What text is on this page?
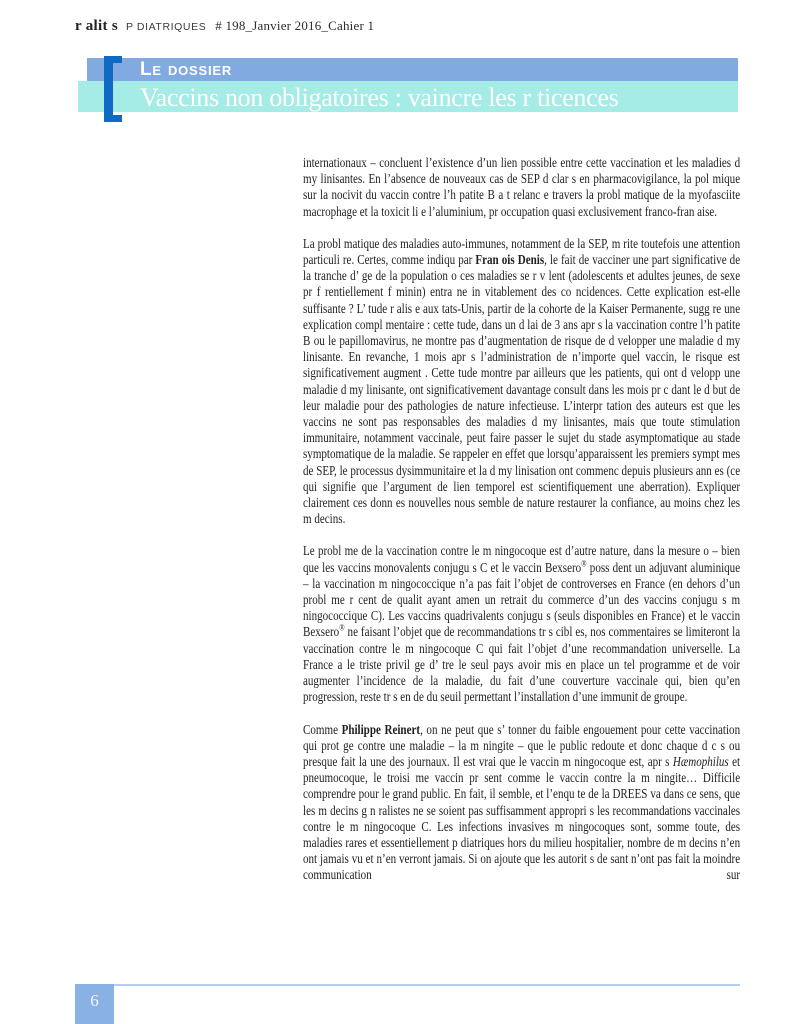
r alit s P DIATRIQUES # 198_Janvier 2016_Cahier 1
Le dossier
Vaccins non obligatoires : vaincre les r ticences

internationaux – concluent l’existence d’un lien possible entre cette vaccination et les maladies d my linisantes. En l’absence de nouveaux cas de SEP d clar s en pharmacovigilance, la pol mique sur la nocivit du vaccin contre l’h patite B a t relanc e travers la probl matique de la myofasciite macrophage et la toxicit li e l’aluminium, pr occupation quasi exclusivement franco-fran aise.

La probl matique des maladies auto-immunes, notamment de la SEP, m rite toutefois une attention particuli re. Certes, comme indiqu par Fran ois Denis, le fait de vacciner une part significative de la tranche d’ ge de la population o ces maladies se r v lent (adolescents et adultes jeunes, de sexe pr f rentiellement f minin) entra ne in vitablement des co ncidences. Cette explication est-elle suffisante ? L’ tude r alis e aux tats-Unis, partir de la cohorte de la Kaiser Permanente, sugg re une explication compl mentaire : cette tude, dans un d lai de 3 ans apr s la vaccination contre l’h patite B ou le papillomavirus, ne montre pas d’augmentation de risque de d velopper une maladie d my linisante. En revanche, 1 mois apr s l’administration de n’importe quel vaccin, le risque est significativement augment . Cette tude montre par ailleurs que les patients, qui ont d velopp une maladie d my linisante, ont significativement davantage consult dans les mois pr c dant le d but de leur maladie pour des pathologies de nature infectieuse. L’interpr tation des auteurs est que les vaccins ne sont pas responsables des maladies d my linisantes, mais que toute stimulation immunitaire, notamment vaccinale, peut faire passer le sujet du stade asymptomatique au stade symptomatique de la maladie. Se rappeler en effet que lorsqu’apparaissent les premiers sympt mes de SEP, le processus dysimmunitaire et la d my linisation ont commenc depuis plusieurs ann es (ce qui signifie que l’argument de lien temporel est scientifiquement une aberration). Expliquer clairement ces donn es nouvelles nous semble de nature restaurer la confiance, au moins chez les m decins.

Le probl me de la vaccination contre le m ningocoque est d’autre nature, dans la mesure o – bien que les vaccins monovalents conjugu s C et le vaccin Bexsero® poss dent un adjuvant aluminique – la vaccination m ningococcique n’a pas fait l’objet de controverses en France (en dehors d’un probl me r cent de qualit ayant amen un retrait du commerce d’un des vaccins conjugu s m ningococcique C). Les vaccins quadrivalents conjugu s (seuls disponibles en France) et le vaccin Bexsero® ne faisant l’objet que de recommandations tr s cibl es, nos commentaires se limiteront la vaccination contre le m ningocoque C qui fait l’objet d’une recommandation universelle. La France a le triste privil ge d’ tre le seul pays avoir mis en place un tel programme et de voir augmenter l’incidence de la maladie, du fait d’une couverture vaccinale qui, bien qu’en progression, reste tr s en de du seuil permettant l’installation d’une immunit de groupe.

Comme Philippe Reinert, on ne peut que s’ tonner du faible engouement pour cette vaccination qui prot ge contre une maladie – la m ningite – que le public redoute et donc chaque d c s ou presque fait la une des journaux. Il est vrai que le vaccin m ningocoque est, apr s Hæmophilus et pneumocoque, le troisi me vaccin pr sent comme le vaccin contre la m ningite… Difficile comprendre pour le grand public. En fait, il semble, et l’enqu te de la DREES va dans ce sens, que les m decins g n ralistes ne se soient pas suffisamment appropri s les recommandations vaccinales contre le m ningocoque C. Les infections invasives m ningocoques sont, somme toute, des maladies rares et essentiellement p diatriques hors du milieu hospitalier, nombre de m decins n’en ont jamais vu et n’en verront jamais. Si on ajoute que les autorit s de sant n’ont pas fait la moindre communication sur

6
